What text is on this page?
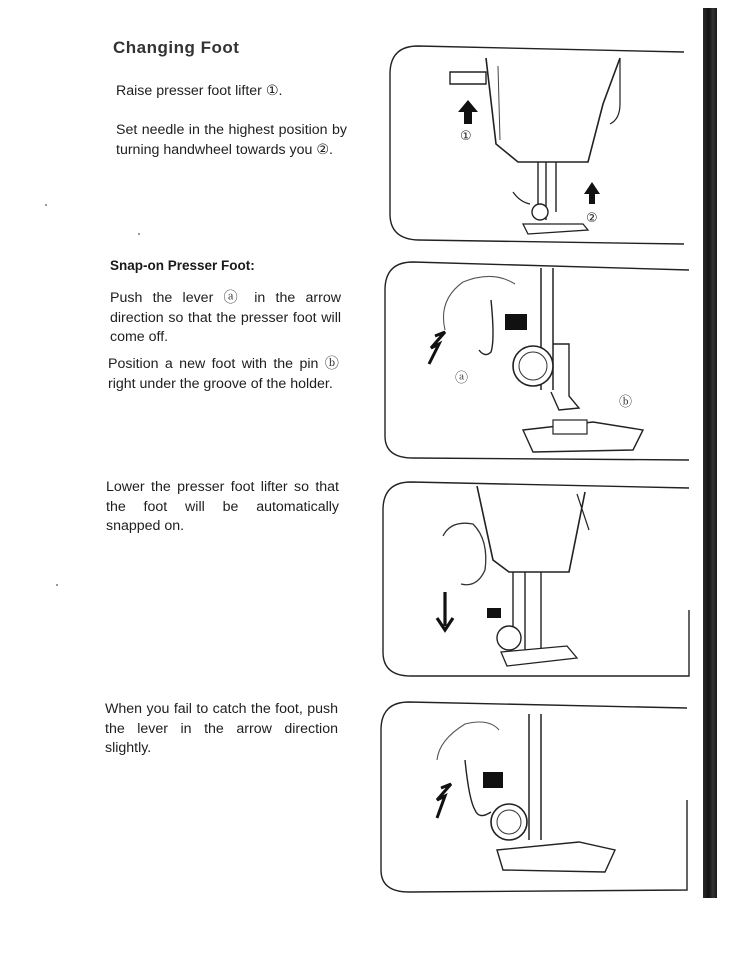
Changing Foot
Raise presser foot lifter ①.
Set needle in the highest position by turning handwheel towards you ②.
Snap-on Presser Foot:
Push the lever ⓐ in the arrow direction so that the presser foot will come off.
Position a new foot with the pin ⓑ right under the groove of the holder.
Lower the presser foot lifter so that the foot will be automatically snapped on.
When you fail to catch the foot, push the lever in the arrow direction slightly.
①
②
ⓐ
ⓑ
